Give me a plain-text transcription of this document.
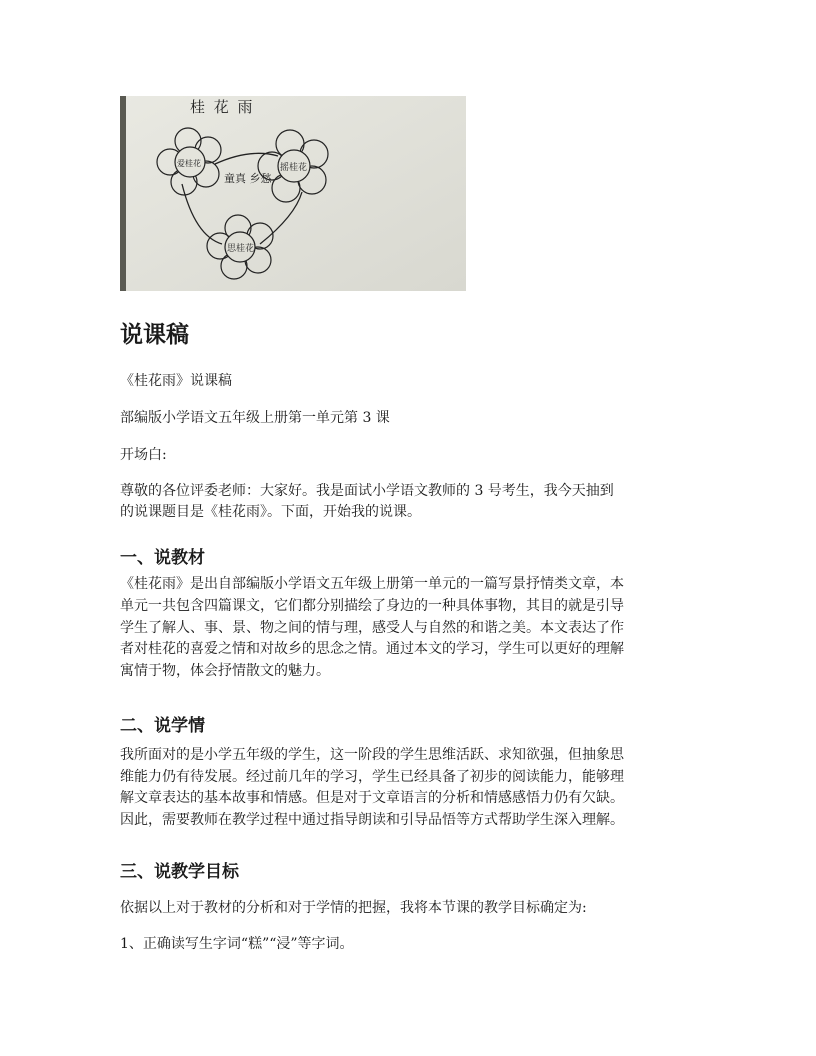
桂 花 雨
爱桂花	摇桂花
思桂花
童真 乡愁
说课稿

《桂花雨》说课稿

部编版小学语文五年级上册第一单元第 3 课

开场白:

尊敬的各位评委老师：大家好。我是面试小学语文教师的 3 号考生，我今天抽到

的说课题目是《桂花雨》。下面，开始我的说课。

一、说教材

《桂花雨》是出自部编版小学语文五年级上册第一单元的一篇写景抒情类文章，本

单元一共包含四篇课文，它们都分别描绘了身边的一种具体事物，其目的就是引导

学生了解人、事、景、物之间的情与理，感受人与自然的和谐之美。本文表达了作

者对桂花的喜爱之情和对故乡的思念之情。通过本文的学习，学生可以更好的理解

寓情于物，体会抒情散文的魅力。

二、说学情

我所面对的是小学五年级的学生，这一阶段的学生思维活跃、求知欲强，但抽象思

维能力仍有待发展。经过前几年的学习，学生已经具备了初步的阅读能力，能够理

解文章表达的基本故事和情感。但是对于文章语言的分析和情感感悟力仍有欠缺。

因此，需要教师在教学过程中通过指导朗读和引导品悟等方式帮助学生深入理解。

三、说教学目标

依据以上对于教材的分析和对于学情的把握，我将本节课的教学目标确定为:

1、正确读写生字词“糕”“浸”等字词。
